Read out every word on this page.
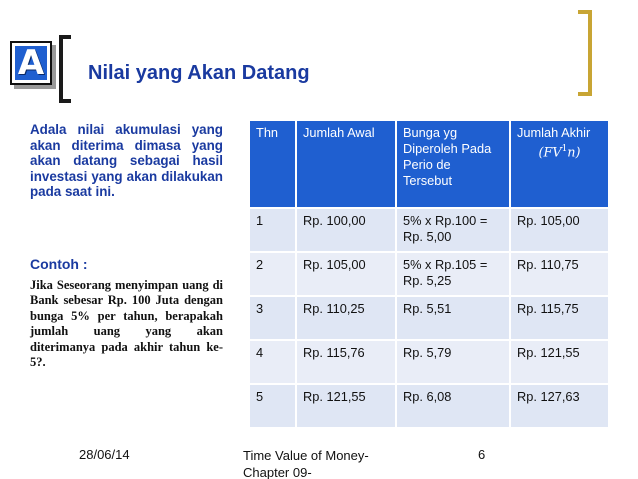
A Nilai yang Akan Datang
Adala nilai akumulasi yang akan diterima dimasa yang akan datang sebagai hasil investasi yang akan dilakukan pada saat ini.
Contoh :
Jika Seseorang menyimpan uang di Bank sebesar Rp. 100 Juta dengan bunga 5% per tahun, berapakah jumlah uang yang akan diterimanya pada akhir tahun ke-5?.
Thn	Jumlah Awal	Bunga yg Diperoleh Pada Perio de Tersebut	Jumlah Akhir
$(FV^1n)$

1	Rp. 100,00	5% x Rp.100 = Rp. 5,00	Rp. 105,00
2	Rp. 105,00	5% x Rp.105 = Rp. 5,25	Rp. 110,75
3	Rp. 110,25	Rp. 5,51	Rp. 115,75
4	Rp. 115,76	Rp. 5,79	Rp. 121,55
5	Rp. 121,55	Rp. 6,08	Rp. 127,63
28/06/14	Time Value of Money-Chapter 09-
6
